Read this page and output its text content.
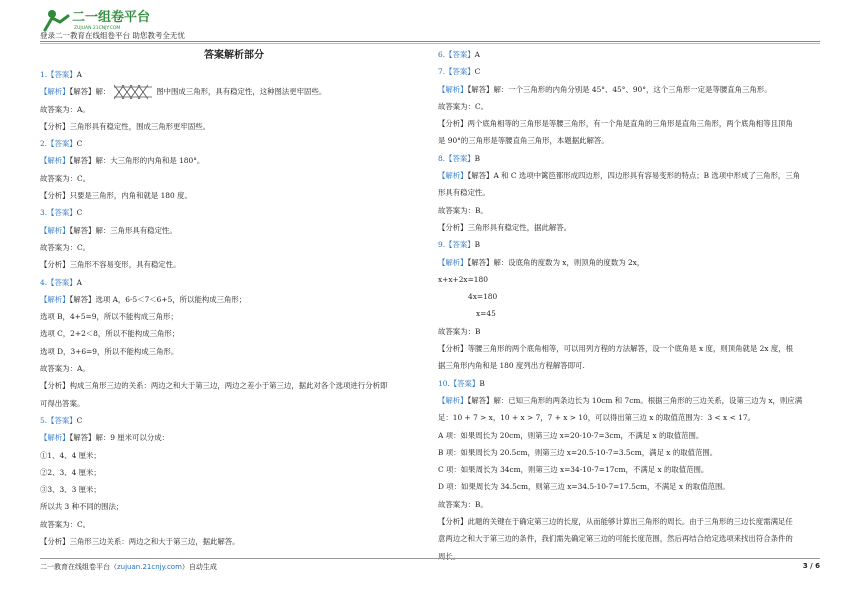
二一组卷平台
ZUJUAN.21CNJY.COM
登录二一教育在线组卷平台 助您教考全无忧
答案解析部分
1.【答案】A
【解析】【解答】解：	图中围成三角形，具有稳定性，这种图法更牢固些。
故答案为：A。
【分析】三角形具有稳定性，围成三角形更牢固些。
2.【答案】C
【解析】【解答】解：大三角形的内角和是 180°。
故答案为：C。
【分析】只要是三角形，内角和就是 180 度。
3.【答案】C
【解析】【解答】解：三角形具有稳定性。
故答案为：C。
【分析】三角形不容易变形，具有稳定性。
4.【答案】A
【解析】【解答】选项 A，6-5＜7＜6+5，所以能构成三角形；
选项 B，4+5=9，所以不能构成三角形；
选项 C，2+2＜8，所以不能构成三角形；
选项 D，3+6=9，所以不能构成三角形。
故答案为：A。
【分析】构成三角形三边的关系：两边之和大于第三边，两边之差小于第三边，据此对各个选项进行分析即
可得出答案。
5.【答案】C
【解析】【解答】解：9 厘米可以分成：
①1、4、4 厘米；
②2、3、4 厘米；
③3、3、3 厘米；
所以共 3 种不同的围法；
故答案为：C。
【分析】三角形三边关系：两边之和大于第三边，据此解答。
6.【答案】A
7.【答案】C
【解析】【解答】解：一个三角形的内角分别是 45°、45°、90°，这个三角形一定是等腰直角三角形。
故答案为：C。
【分析】两个底角相等的三角形是等腰三角形，有一个角是直角的三角形是直角三角形，两个底角相等且顶角
是 90°的三角形是等腰直角三角形，本题据此解答。
8.【答案】B
【解析】【解答】A 和 C 选项中篱笆都形成四边形，四边形具有容易变形的特点；B 选项中形成了三角形，三角
形具有稳定性。
故答案为：B。
【分析】三角形具有稳定性，据此解答。
9.【答案】B
【解析】【解答】解：设底角的度数为 x，则顶角的度数为 2x，
x+x+2x=180
4x=180
x=45
故答案为：B
【分析】等腰三角形的两个底角相等，可以用列方程的方法解答，设一个底角是 x 度，则顶角就是 2x 度，根
据三角形内角和是 180 度列出方程解答即可.
10.【答案】B
【解析】【解答】解：已知三角形的两条边长为 10cm 和 7cm。根据三角形的三边关系，设第三边为 x，则应满
足：10 + 7 > x，10 + x > 7，7 + x > 10，可以得出第三边 x 的取值范围为：3 < x < 17。
A 项：如果周长为 20cm，则第三边 x=20-10-7=3cm，不满足 x 的取值范围。
B 项：如果周长为 20.5cm，则第三边 x=20.5-10-7=3.5cm，满足 x 的取值范围。
C 项：如果周长为 34cm，则第三边 x=34-10-7=17cm，不满足 x 的取值范围。
D 项：如果周长为 34.5cm，则第三边 x=34.5-10-7=17.5cm，不满足 x 的取值范围。
故答案为：B。
【分析】此题的关键在于确定第三边的长度，从而能够计算出三角形的周长。由于三角形的三边长度需满足任
意两边之和大于第三边的条件，我们需先确定第三边的可能长度范围，然后再结合给定选项来找出符合条件的
周长。
二一教育在线组卷平台（zujuan.21cnjy.com）自动生成	3 / 6
